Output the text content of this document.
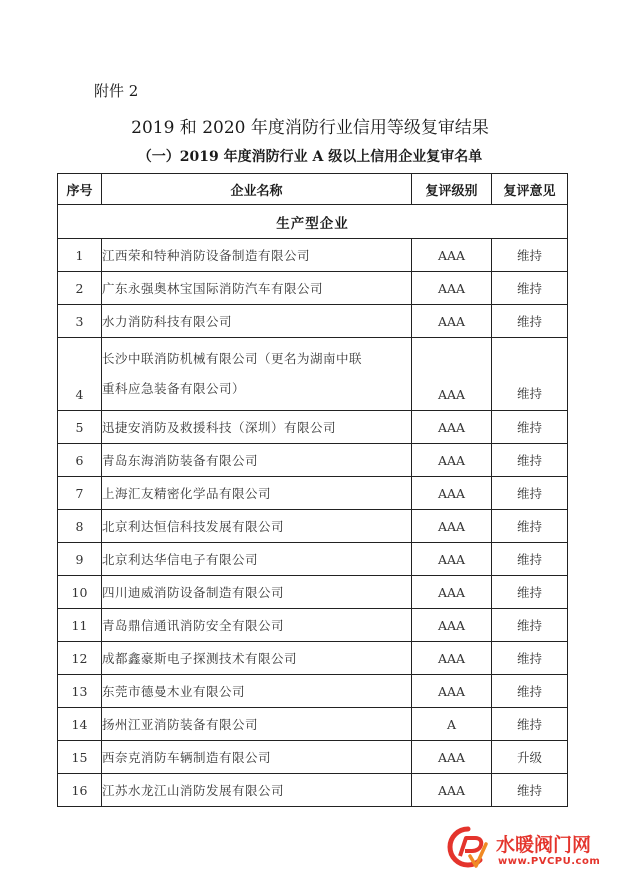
附件 2
2019 和 2020 年度消防行业信用等级复审结果
（一）2019 年度消防行业 A 级以上信用企业复审名单
序号	企业名称	复评级别	复评意见
生产型企业			
1	江西荣和特种消防设备制造有限公司	AAA	维持
2	广东永强奥林宝国际消防汽车有限公司	AAA	维持
3	水力消防科技有限公司	AAA	维持
4	长沙中联消防机械有限公司（更名为湖南中联
重科应急装备有限公司）	AAA	维持
5	迅捷安消防及救援科技（深圳）有限公司	AAA	维持
6	青岛东海消防装备有限公司	AAA	维持
7	上海汇友精密化学品有限公司	AAA	维持
8	北京利达恒信科技发展有限公司	AAA	维持
9	北京利达华信电子有限公司	AAA	维持
10	四川迪威消防设备制造有限公司	AAA	维持
11	青岛鼎信通讯消防安全有限公司	AAA	维持
12	成都鑫豪斯电子探测技术有限公司	AAA	维持
13	东莞市德曼木业有限公司	AAA	维持
14	扬州江亚消防装备有限公司	A	维持
15	西奈克消防车辆制造有限公司	AAA	升级
16	江苏水龙江山消防发展有限公司	AAA	维持
水暖阀门网
www.PVCPU.com
